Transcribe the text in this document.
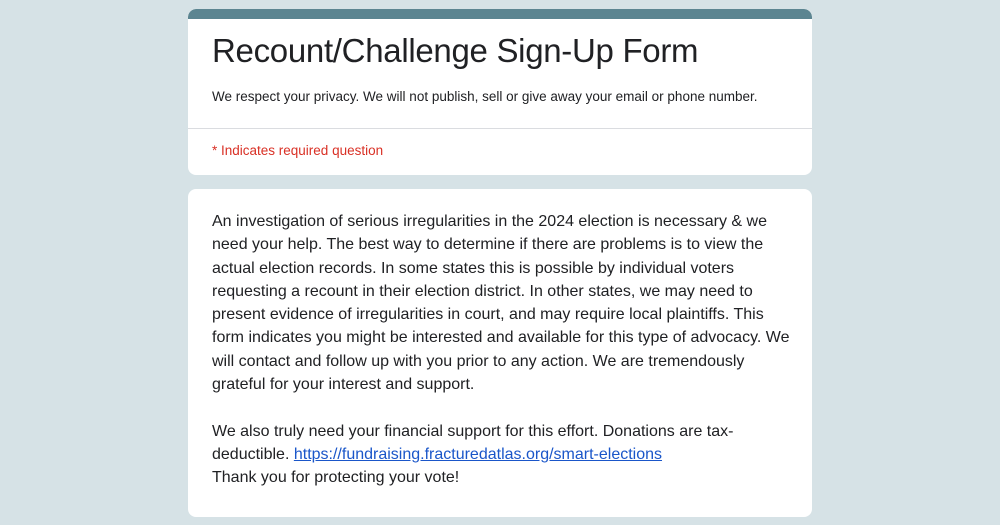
Recount/Challenge Sign-Up Form

We respect your privacy. We will not publish, sell or give away your email or phone number.

* Indicates required question

An investigation of serious irregularities in the 2024 election is necessary & we need your help. The best way to determine if there are problems is to view the actual election records. In some states this is possible by individual voters requesting a recount in their election district. In other states, we may need to present evidence of irregularities in court, and may require local plaintiffs. This form indicates you might be interested and available for this type of advocacy. We will contact and follow up with you prior to any action. We are tremendously grateful for your interest and support.

We also truly need your financial support for this effort. Donations are tax-deductible. https://fundraising.fracturedatlas.org/smart-elections
Thank you for protecting your vote!
